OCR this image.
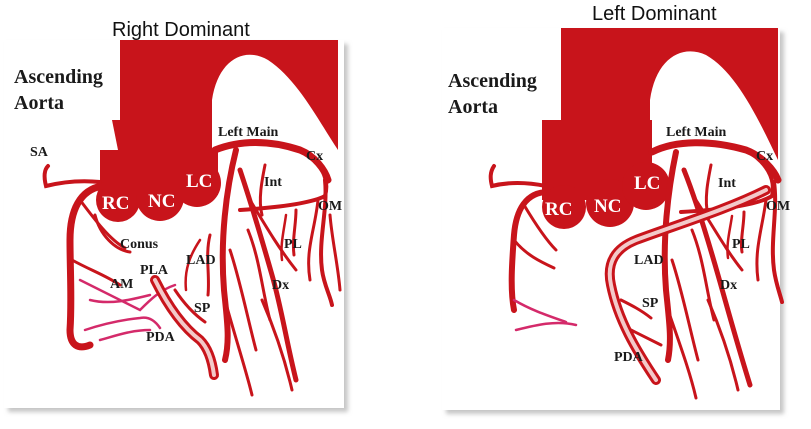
Right Dominant
Ascending
Aorta
SA
Left Main
Cx
RC NC
LC	Int
OM
Conus	PL
LAD
AM
PLA
Dx
SP
PDA
Left Dominant
Ascending
Aorta
Left Main
Cx
RC NC
LC	Int
OM
PL
LAD
Dx
SP
PDA
